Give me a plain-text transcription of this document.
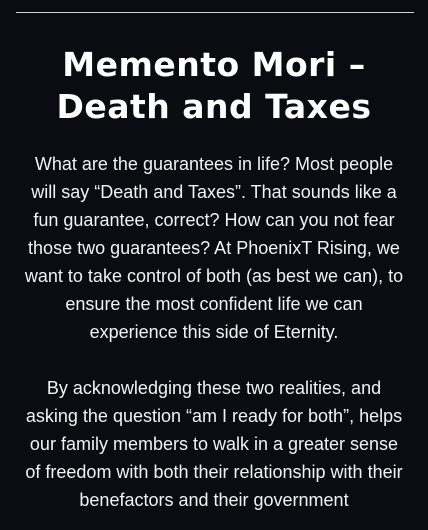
Memento Mori – Death and Taxes

What are the guarantees in life? Most people will say “Death and Taxes”. That sounds like a fun guarantee, correct? How can you not fear those two guarantees? At PhoenixT Rising, we want to take control of both (as best we can), to ensure the most confident life we can experience this side of Eternity.

By acknowledging these two realities, and asking the question “am I ready for both”, helps our family members to walk in a greater sense of freedom with both their relationship with their benefactors and their government
